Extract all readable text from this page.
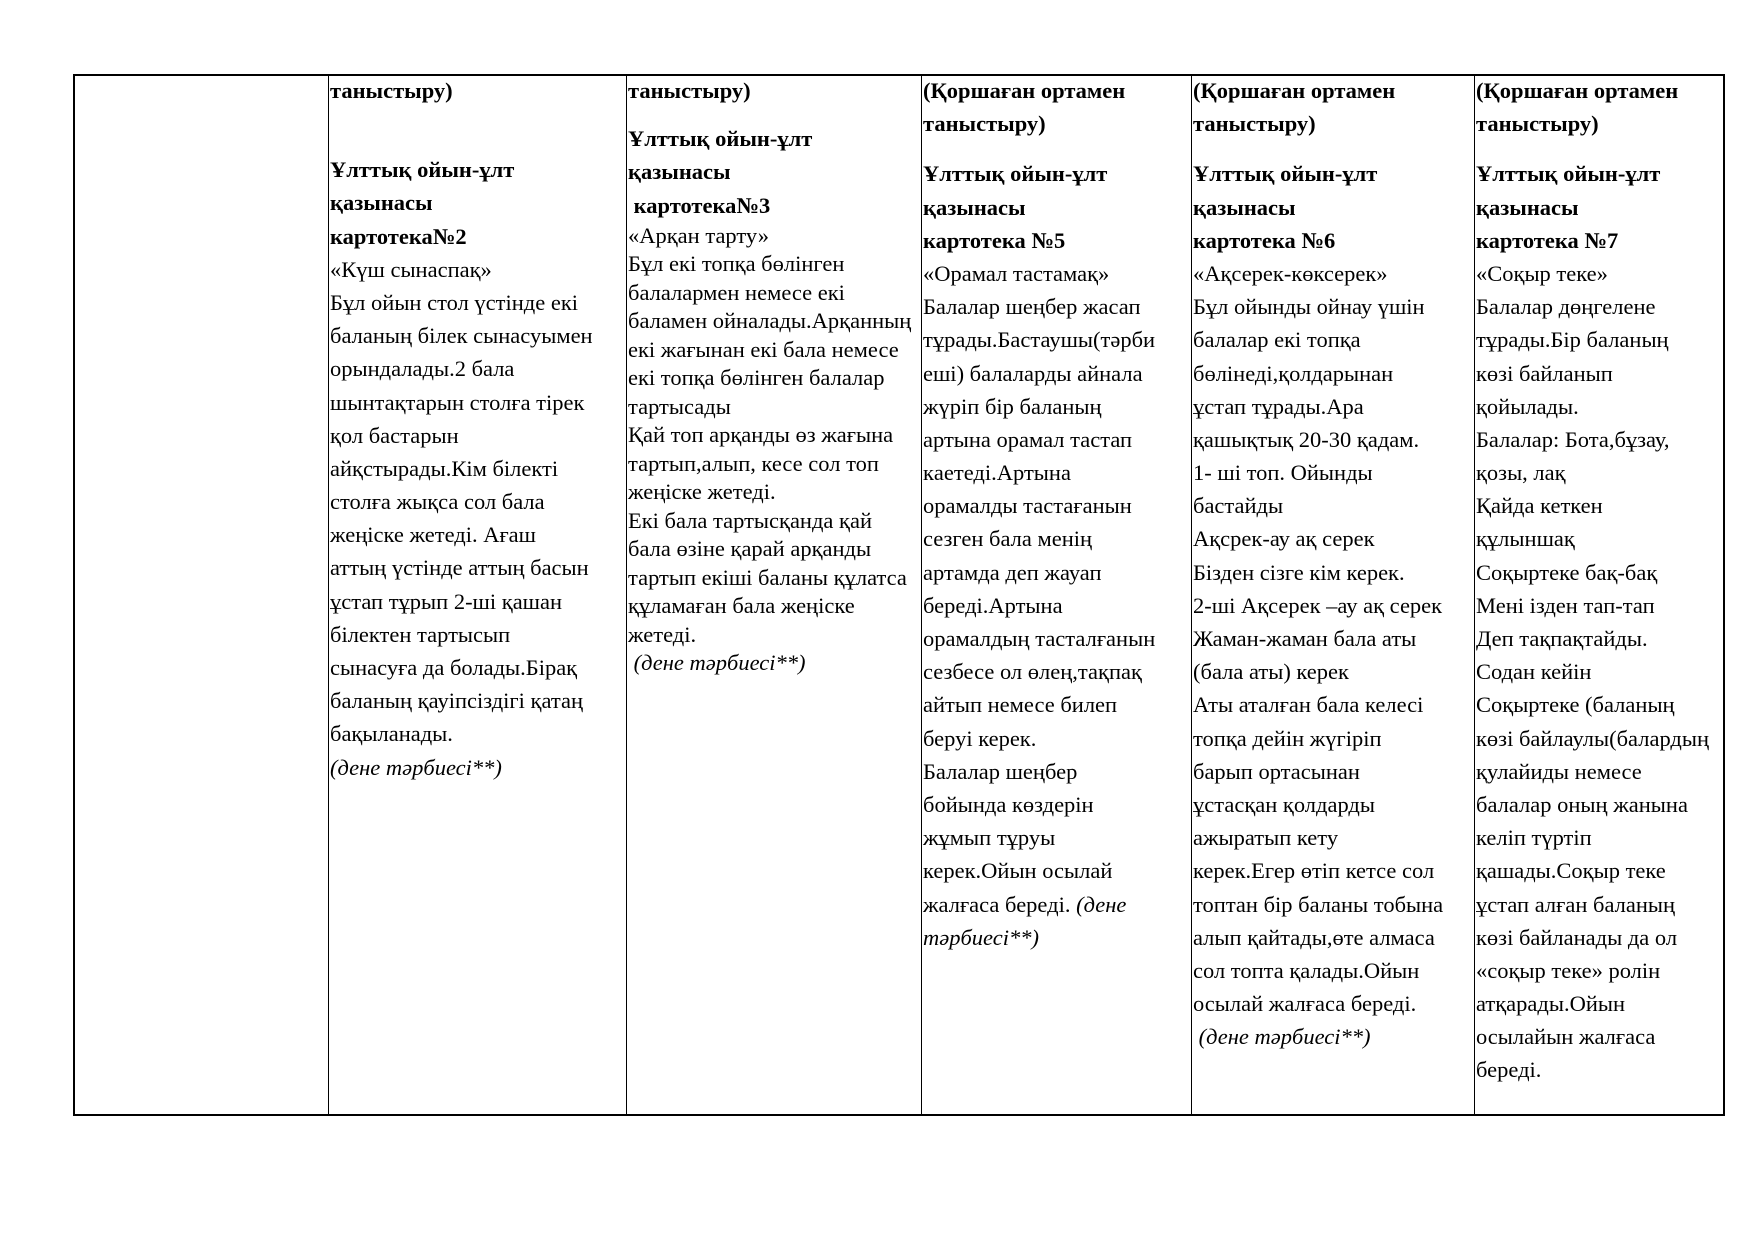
таныстыру)
Ұлттық ойын-ұлт
қазынасы
картотека№2
«Күш сынаспақ»
Бұл ойын стол үстінде екі
баланың білек сынасуымен
орындалады.2 бала
шынтақтарын столға тірек
қол бастарын
айқстырады.Кім білекті
столға жықса сол бала
жеңіске жетеді. Ағаш
аттың үстінде аттың басын
ұстап тұрып 2-ші қашан
білектен тартысып
сынасуға да болады.Бірақ
баланың қауіпсіздігі қатаң
бақыланады.
(дене тәрбиесі**)
таныстыру)
Ұлттық ойын-ұлт
қазынасы
картотека№3
«Арқан тарту»
Бұл екі топқа бөлінген
балалармен немесе екі
баламен ойналады.Арқанның
екі жағынан екі бала немесе
екі топқа бөлінген балалар
тартысады
Қай топ арқанды өз жағына
тартып,алып, кесе сол топ
жеңіске жетеді.
Екі бала тартысқанда қай
бала өзіне қарай арқанды
тартып екіші баланы құлатса
құламаған бала жеңіске
жетеді.
(дене тәрбиесі**)
(Қоршаған ортамен
таныстыру)
Ұлттық ойын-ұлт
қазынасы
картотека №5
«Орамал тастамақ»
Балалар шеңбер жасап
тұрады.Бастаушы(тәрби
еші) балаларды айнала
жүріп бір баланың
артына орамал тастап
кaетеді.Артына
орамалды тастағанын
сезген бала менің
артамда деп жауап
береді.Артына
орамалдың тасталғанын
сезбесе ол өлең,тақпақ
айтып немесе билеп
беруі керек.
Балалар шеңбер
бойында көздерін
жұмып тұруы
керек.Ойын осылай
жалғаса береді. (дене
тәрбиесі**)
(Қоршаған ортамен
таныстыру)
Ұлттық ойын-ұлт
қазынасы
картотека №6
«Ақсерек-көксерек»
Бұл ойынды ойнау үшін
балалар екі топқа
бөлінеді,қолдарынан
ұстап тұрады.Ара
қашықтық 20-30 қадам.
1- ші топ. Ойынды
бастайды
Ақсрек-ау ақ серек
Бізден сізге кім керек.
2-ші Ақсерек –ау ақ серек
Жаман-жаман бала аты
(бала аты) керек
Аты аталған бала келесі
топқа дейін жүгіріп
барып ортасынан
ұстасқан қолдарды
ажыратып кету
керек.Егер өтіп кетсе сол
топтан бір баланы тобына
алып қайтады,өте алмаса
сол топта қалады.Ойын
осылай жалғаса береді.
(дене тәрбиесі**)
(Қоршаған ортамен
таныстыру)
Ұлттық ойын-ұлт
қазынасы
картотека №7
«Соқыр теке»
Балалар дөңгелене
тұрады.Бір баланың
көзі байланып
қойылады.
Балалар: Бота,бұзау,
қозы, лақ
Қайда кеткен
құлыншақ
Соқыртеке бақ-бақ
Мені ізден тап-тап
Деп тақпақтайды.
Содан кейін
Соқыртеке (баланың
көзі байлаулы(балардың
қулайиды немесе
балалар оның жанына
келіп түртіп
қашады.Соқыр теке
ұстап алған баланың
көзі байланады да ол
«соқыр теке» ролін
атқарады.Ойын
осылайын жалғаса
береді.
